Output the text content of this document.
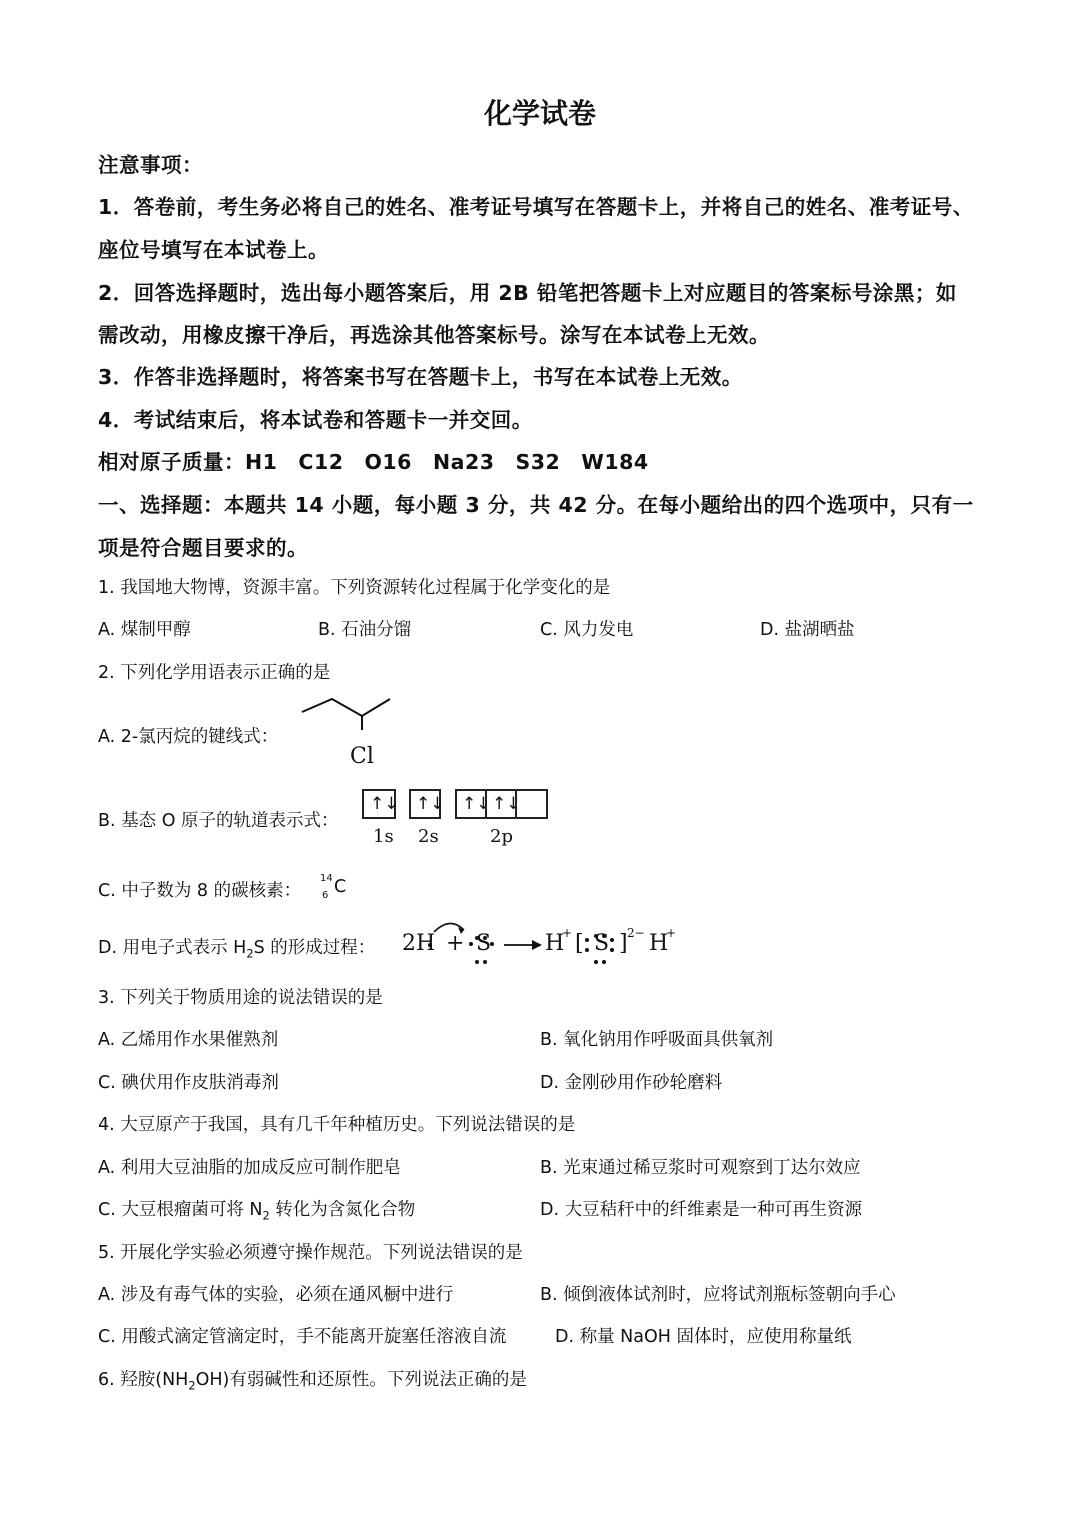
化学试卷
注意事项：
1．答卷前，考生务必将自己的姓名、准考证号填写在答题卡上，并将自己的姓名、准考证号、
座位号填写在本试卷上。
2．回答选择题时，选出每小题答案后，用 2B 铅笔把答题卡上对应题目的答案标号涂黑；如
需改动，用橡皮擦干净后，再选涂其他答案标号。涂写在本试卷上无效。
3．作答非选择题时，将答案书写在答题卡上，书写在本试卷上无效。
4．考试结束后，将本试卷和答题卡一并交回。
相对原子质量：H1　C12　O16　Na23　S32　W184
一、选择题：本题共 14 小题，每小题 3 分，共 42 分。在每小题给出的四个选项中，只有一
项是符合题目要求的。
1. 我国地大物博，资源丰富。下列资源转化过程属于化学变化的是
A. 煤制甲醇	B. 石油分馏	C. 风力发电	D. 盐湖晒盐
2. 下列化学用语表示正确的是
A. 2-氯丙烷的键线式：
Cl
B. 基态 O 原子的轨道表示式：
↑↓ ↑↓ ↑↓ ↑↓
1s 2s	2p
C. 中子数为 8 的碳核素：
14
6 C
D. 用电子式表示 $H_2S$ 的形成过程： 2H + S H
+ [ S ] 2− H
+
3. 下列关于物质用途的说法错误的是
A. 乙烯用作水果催熟剂	B. 氧化钠用作呼吸面具供氧剂
C. 碘伏用作皮肤消毒剂	D. 金刚砂用作砂轮磨料
4. 大豆原产于我国，具有几千年种植历史。下列说法错误的是
A. 利用大豆油脂的加成反应可制作肥皂	B. 光束通过稀豆浆时可观察到丁达尔效应
C. 大豆根瘤菌可将 $N_2$ 转化为含氮化合物	D. 大豆秸秆中的纤维素是一种可再生资源
5. 开展化学实验必须遵守操作规范。下列说法错误的是
A. 涉及有毒气体的实验，必须在通风橱中进行	B. 倾倒液体试剂时，应将试剂瓶标签朝向手心
C. 用酸式滴定管滴定时，手不能离开旋塞任溶液自流	D. 称量 NaOH 固体时，应使用称量纸
6. 羟胺$(NH_2OH)$有弱碱性和还原性。下列说法正确的是
